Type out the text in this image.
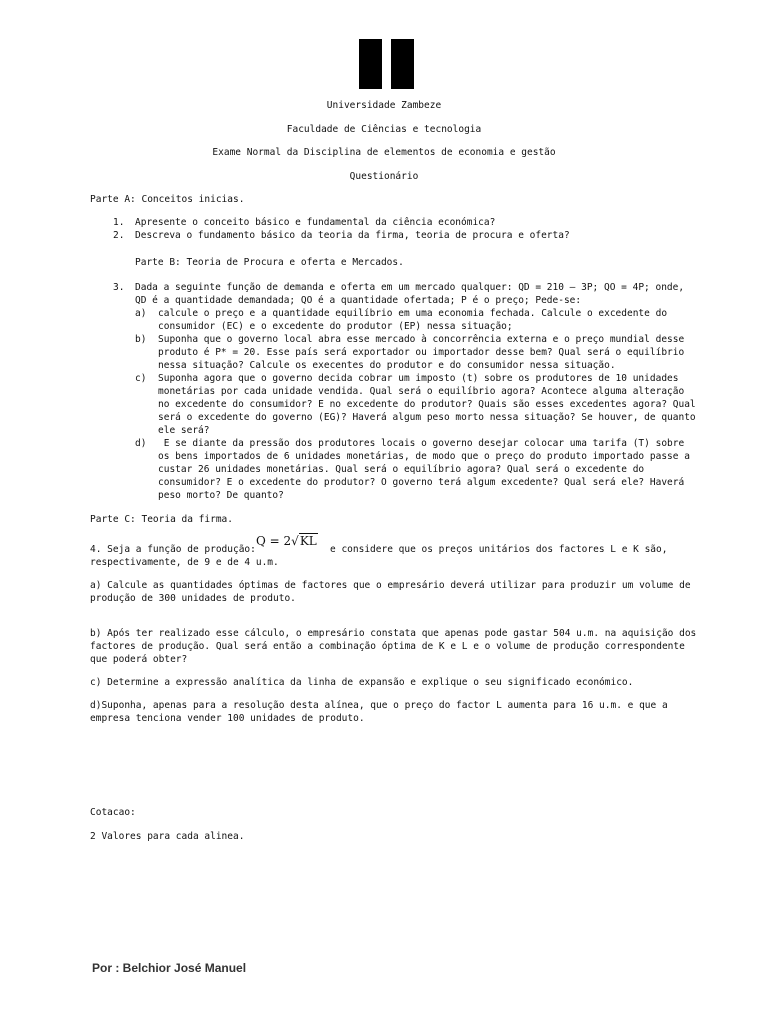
Universidade Zambeze
Faculdade de Ciências e tecnologia
Exame Normal da Disciplina de elementos de economia e gestão
Questionário
Parte A: Conceitos inicias.
1. Apresente o conceito básico e fundamental da ciência económica?
2. Descreva o fundamento básico da teoria da firma, teoria de procura e oferta?
Parte B: Teoria de Procura e oferta e Mercados.
3. Dada a seguinte função de demanda e oferta em um mercado qualquer: QD = 210 – 3P; QO = 4P; onde,
QD é a quantidade demandada; QO é a quantidade ofertada; P é o preço; Pede-se:
a) calcule o preço e a quantidade equilíbrio em uma economia fechada. Calcule o excedente do
consumidor (EC) e o excedente do produtor (EP) nessa situação;
b) Suponha que o governo local abra esse mercado à concorrência externa e o preço mundial desse
produto é P* = 20. Esse país será exportador ou importador desse bem? Qual será o equilíbrio
nessa situação? Calcule os execentes do produtor e do consumidor nessa situação.
c) Suponha agora que o governo decida cobrar um imposto (t) sobre os produtores de 10 unidades
monetárias por cada unidade vendida. Qual será o equilíbrio agora? Acontece alguma alteração
no excedente do consumidor? E no excedente do produtor? Quais são esses excedentes agora? Qual
será o excedente do governo (EG)? Haverá algum peso morto nessa situação? Se houver, de quanto
ele será?
d) E se diante da pressão dos produtores locais o governo desejar colocar uma tarifa (T) sobre
os bens importados de 6 unidades monetárias, de modo que o preço do produto importado passe a
custar 26 unidades monetárias. Qual será o equilíbrio agora? Qual será o excedente do
consumidor? E o excedente do produtor? O governo terá algum excedente? Qual será ele? Haverá
peso morto? De quanto?
Parte C: Teoria da firma.
4. Seja a função de produção:
Q = 2√KL
e considere que os preços unitários dos factores L e K são,
respectivamente, de 9 e de 4 u.m.
a) Calcule as quantidades óptimas de factores que o empresário deverá utilizar para produzir um volume de
produção de 300 unidades de produto.
b) Após ter realizado esse cálculo, o empresário constata que apenas pode gastar 504 u.m. na aquisição dos
factores de produção. Qual será então a combinação óptima de K e L e o volume de produção correspondente
que poderá obter?
c) Determine a expressão analítica da linha de expansão e explique o seu significado económico.
d)Suponha, apenas para a resolução desta alínea, que o preço do factor L aumenta para 16 u.m. e que a
empresa tenciona vender 100 unidades de produto.
Cotacao:
2 Valores para cada alinea.
Por : Belchior José Manuel
